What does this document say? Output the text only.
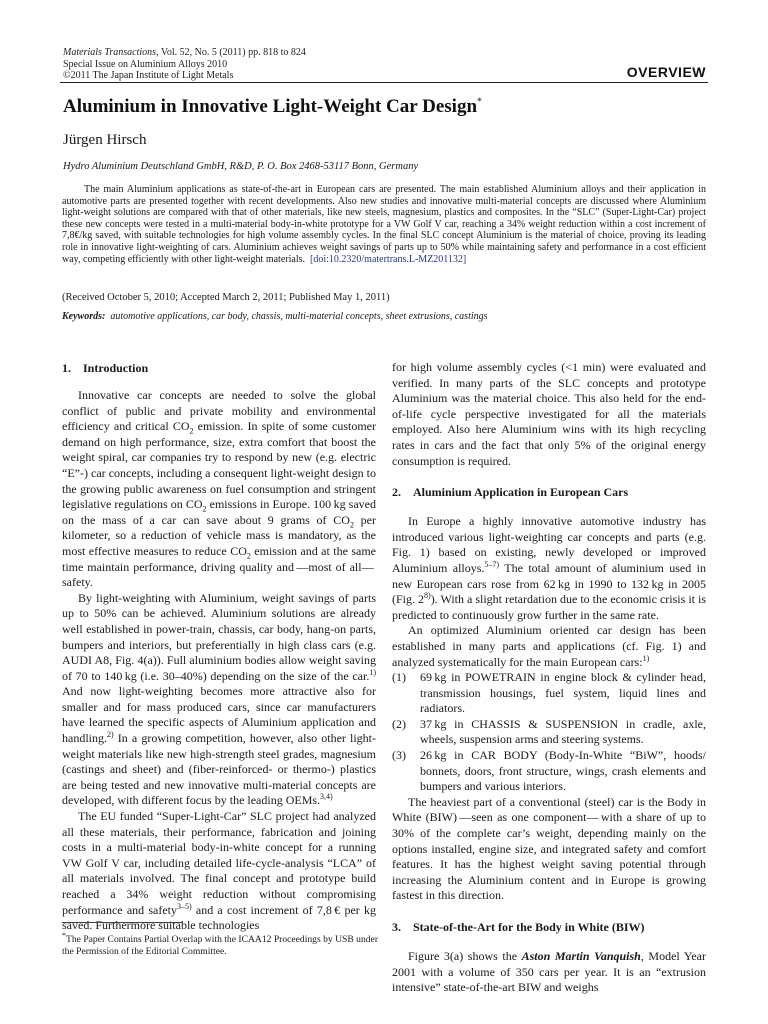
Materials Transactions, Vol. 52, No. 5 (2011) pp. 818 to 824
Special Issue on Aluminium Alloys 2010
©2011 The Japan Institute of Light Metals	OVERVIEW
Aluminium in Innovative Light-Weight Car Design*
Jürgen Hirsch
Hydro Aluminium Deutschland GmbH, R&D, P. O. Box 2468-53117 Bonn, Germany
The main Aluminium applications as state-of-the-art in European cars are presented. The main established Aluminium alloys and their application in automotive parts are presented together with recent developments. Also new studies and innovative multi-material concepts are discussed where Aluminium light-weight solutions are compared with that of other materials, like new steels, magnesium, plastics and composites. In the “SLC” (Super-Light-Car) project these new concepts were tested in a multi-material body-in-white prototype for a VW Golf V car, reaching a 34% weight reduction within a cost increment of 7,8€/kg saved, with suitable technologies for high volume assembly cycles. In the final SLC concept Aluminium is the material of choice, proving its leading role in innovative light-weighting of cars. Aluminium achieves weight savings of parts up to 50% while maintaining safety and performance in a cost efficient way, competing efficiently with other light-weight materials. [doi:10.2320/matertrans.L-MZ201132]
(Received October 5, 2010; Accepted March 2, 2011; Published May 1, 2011)
Keywords: automotive applications, car body, chassis, multi-material concepts, sheet extrusions, castings
1.  Introduction

Innovative car concepts are needed to solve the global conflict of public and private mobility and environmental efficiency and critical $CO_2$ emission. In spite of some customer demand on high performance, size, extra comfort that boost the weight spiral, car companies try to respond by new (e.g. electric “E”-) car concepts, including a consequent light-weight design to the growing public awareness on fuel consumption and stringent legislative regulations on $CO_2$ emissions in Europe. 100 kg saved on the mass of a car can save about 9 grams of $CO_2$ per kilometer, so a reduction of vehicle mass is mandatory, as the most effective measures to reduce $CO_2$ emission and at the same time maintain performance, driving quality and —most of all— safety.

By light-weighting with Aluminium, weight savings of parts up to 50% can be achieved. Aluminium solutions are already well established in power-train, chassis, car body, hang-on parts, bumpers and interiors, but preferentially in high class cars (e.g. AUDI A8, Fig. 4(a)). Full aluminium bodies allow weight saving of 70 to 140 kg (i.e. 30–40%) depending on the size of the car.$^{1)}$ And now light-weighting becomes more attractive also for smaller and for mass produced cars, since car manufacturers have learned the specific aspects of Aluminium application and handling.$^{2)}$ In a growing competition, however, also other light-weight materials like new high-strength steel grades, magnesium (castings and sheet) and (fiber-reinforced- or thermo-) plastics are being tested and new innovative multi-material concepts are developed, with different focus by the leading OEMs.$^{3,4)}$

The EU funded “Super-Light-Car” SLC project had analyzed all these materials, their performance, fabrication and joining costs in a multi-material body-in-white concept for a running VW Golf V car, including detailed life-cycle-analysis “LCA” of all materials involved. The final concept and prototype build reached a 34% weight reduction without compromising performance and safety$^{3-5)}$ and a cost increment of 7,8 € per kg saved. Furthermore suitable technologies

*The Paper Contains Partial Overlap with the ICAA12 Proceedings by USB under the Permission of the Editorial Committee.

for high volume assembly cycles (<1 min) were evaluated and verified. In many parts of the SLC concepts and prototype Aluminium was the material choice. This also held for the end-of-life cycle perspective investigated for all the materials employed. Also here Aluminium wins with its high recycling rates in cars and the fact that only 5% of the original energy consumption is required.

2.  Aluminium Application in European Cars

In Europe a highly innovative automotive industry has introduced various light-weighting car concepts and parts (e.g. Fig. 1) based on existing, newly developed or improved Aluminium alloys.$^{5-7)}$ The total amount of aluminium used in new European cars rose from 62 kg in 1990 to 132 kg in 2005 (Fig. 2$^{8)}$). With a slight retardation due to the economic crisis it is predicted to continuously grow further in the same rate.

An optimized Aluminium oriented car design has been established in many parts and applications (cf. Fig. 1) and analyzed systematically for the main European cars:$^{1)}$

(1) 69 kg in POWETRAIN in engine block & cylinder head, transmission housings, fuel system, liquid lines and radiators.
(2) 37 kg in CHASSIS & SUSPENSION in cradle, axle, wheels, suspension arms and steering systems.
(3) 26 kg in CAR BODY (Body-In-White “BiW”, hoods/ bonnets, doors, front structure, wings, crash elements and bumpers and various interiors.

The heaviest part of a conventional (steel) car is the Body in White (BIW) —seen as one component— with a share of up to 30% of the complete car’s weight, depending mainly on the options installed, engine size, and integrated safety and comfort features. It has the highest weight saving potential through increasing the Aluminium content and in Europe is growing fastest in this direction.

3.  State-of-the-Art for the Body in White (BIW)

Figure 3(a) shows the Aston Martin Vanquish, Model Year 2001 with a volume of 350 cars per year. It is an “extrusion intensive” state-of-the-art BIW and weighs
